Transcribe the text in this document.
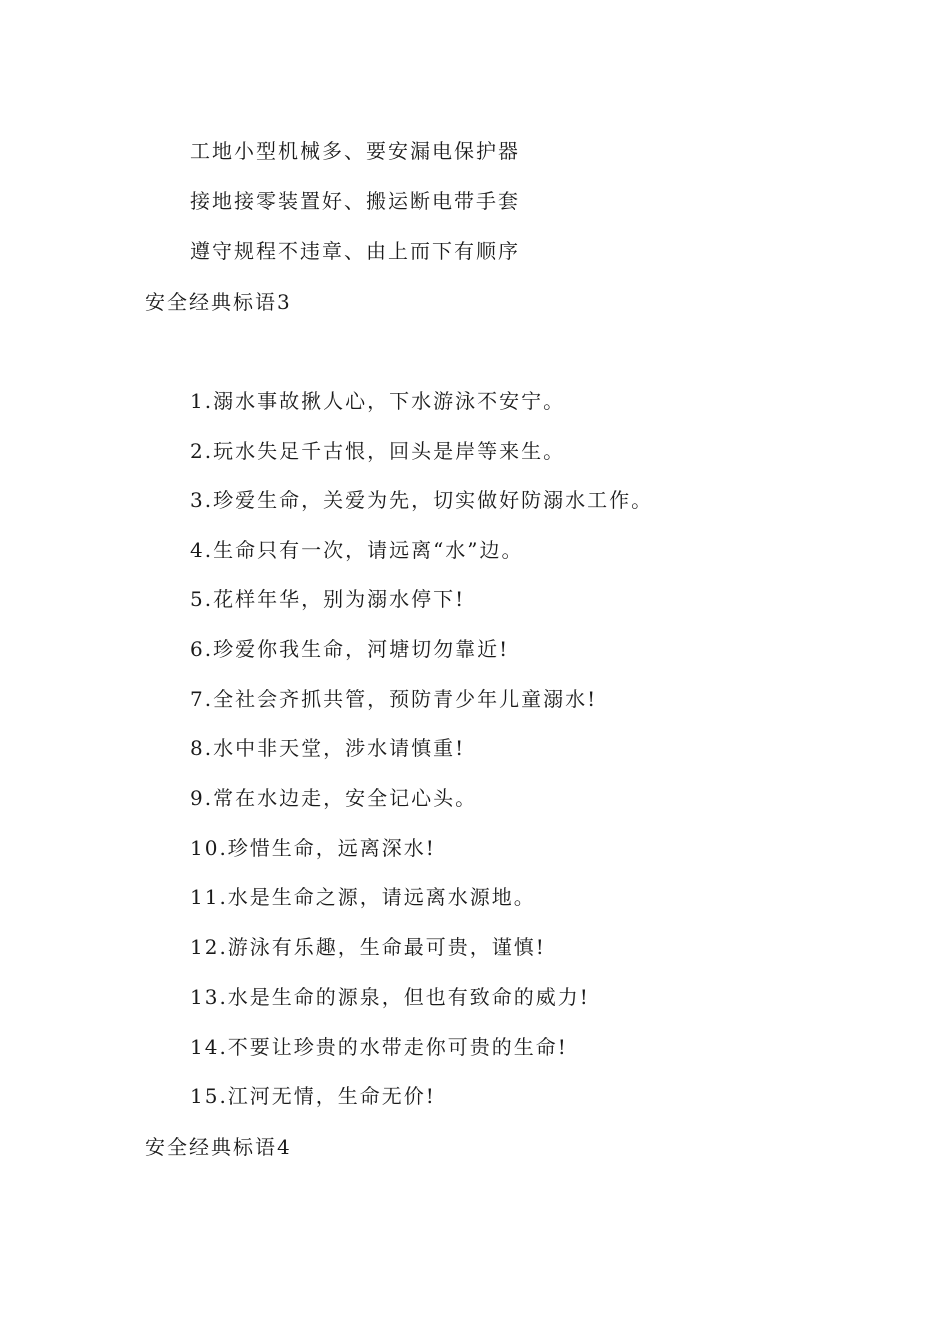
工地小型机械多、要安漏电保护器
接地接零装置好、搬运断电带手套
遵守规程不违章、由上而下有顺序
安全经典标语3
1.溺水事故揪人心，下水游泳不安宁。
2.玩水失足千古恨，回头是岸等来生。
3.珍爱生命，关爱为先，切实做好防溺水工作。
4.生命只有一次，请远离“水”边。
5.花样年华，别为溺水停下!
6.珍爱你我生命，河塘切勿靠近!
7.全社会齐抓共管，预防青少年儿童溺水!
8.水中非天堂，涉水请慎重!
9.常在水边走，安全记心头。
10.珍惜生命，远离深水!
11.水是生命之源，请远离水源地。
12.游泳有乐趣，生命最可贵，谨慎!
13.水是生命的源泉，但也有致命的威力!
14.不要让珍贵的水带走你可贵的生命!
15.江河无情，生命无价!
安全经典标语4
